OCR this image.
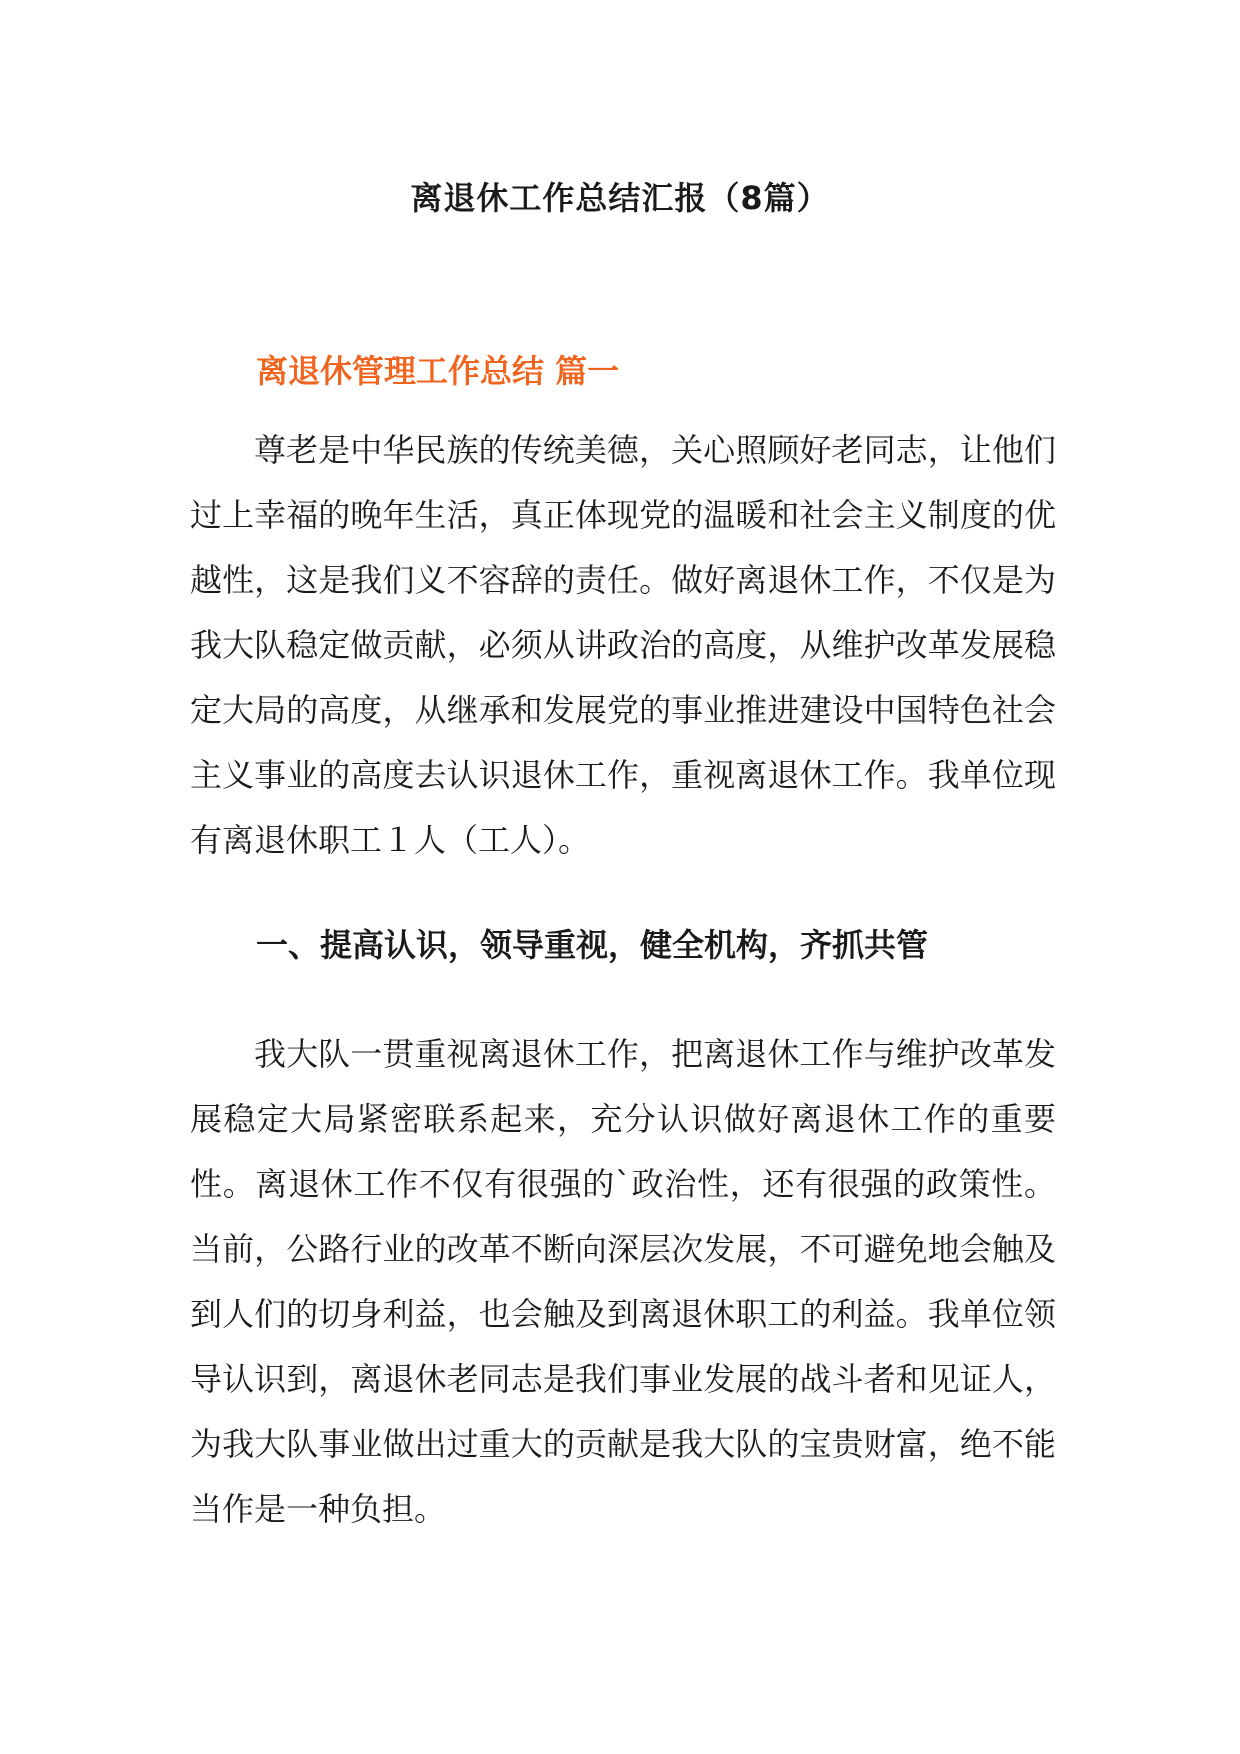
离退休工作总结汇报（8篇）
离退休管理工作总结 篇一

尊老是中华民族的传统美德，关心照顾好老同志，让他们过上幸福的晚年生活，真正体现党的温暖和社会主义制度的优越性，这是我们义不容辞的责任。做好离退休工作，不仅是为我大队稳定做贡献，必须从讲政治的高度，从维护改革发展稳定大局的高度，从继承和发展党的事业推进建设中国特色社会主义事业的高度去认识退休工作，重视离退休工作。我单位现有离退休职工１人（工人）。

一、提高认识，领导重视，健全机构，齐抓共管

我大队一贯重视离退休工作，把离退休工作与维护改革发展稳定大局紧密联系起来，充分认识做好离退休工作的重要性。离退休工作不仅有很强的`政治性，还有很强的政策性。当前，公路行业的改革不断向深层次发展，不可避免地会触及到人们的切身利益，也会触及到离退休职工的利益。我单位领导认识到，离退休老同志是我们事业发展的战斗者和见证人，为我大队事业做出过重大的贡献是我大队的宝贵财富，绝不能当作是一种负担。
